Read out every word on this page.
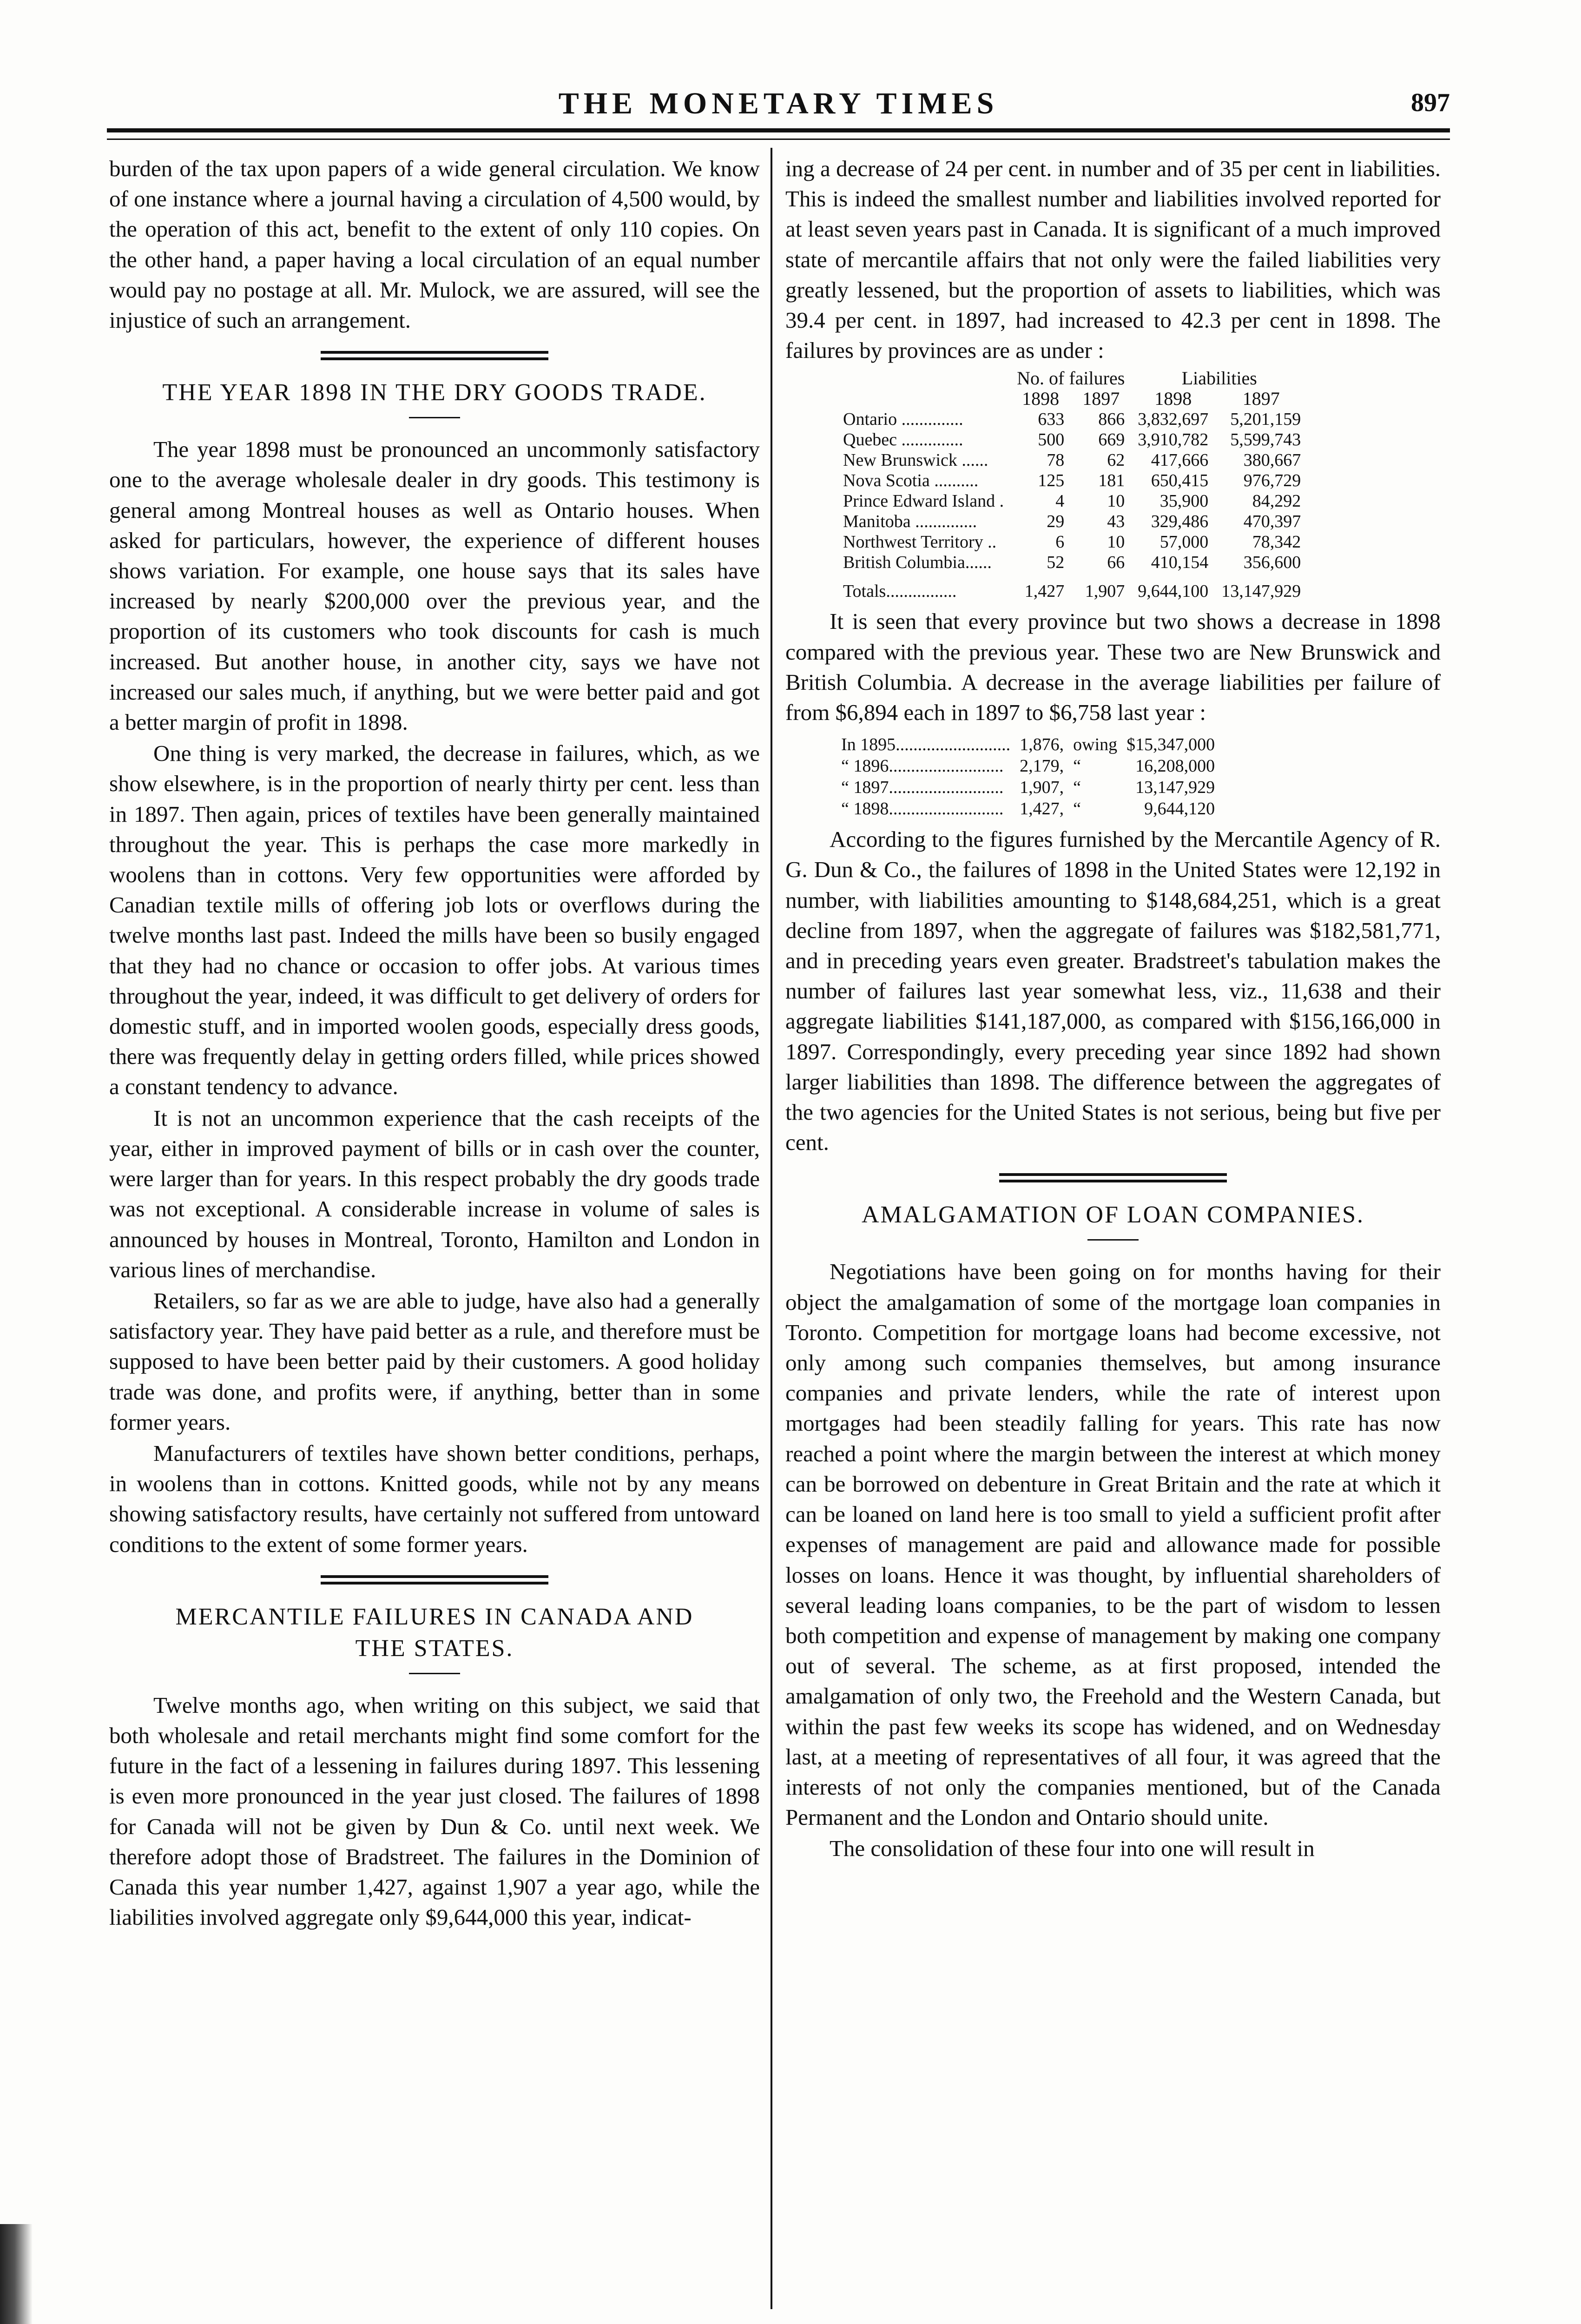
THE MONETARY TIMES	897

burden of the tax upon papers of a wide general circulation. We know of one instance where a journal having a circulation of 4,500 would, by the operation of this act, benefit to the extent of only 110 copies. On the other hand, a paper having a local circulation of an equal number would pay no postage at all. Mr. Mulock, we are assured, will see the injustice of such an arrangement.

THE YEAR 1898 IN THE DRY GOODS TRADE.

The year 1898 must be pronounced an uncommonly satisfactory one to the average wholesale dealer in dry goods. This testimony is general among Montreal houses as well as Ontario houses. When asked for particulars, however, the experience of different houses shows variation. For example, one house says that its sales have increased by nearly $200,000 over the previous year, and the proportion of its customers who took discounts for cash is much increased. But another house, in another city, says we have not increased our sales much, if anything, but we were better paid and got a better margin of profit in 1898.

One thing is very marked, the decrease in failures, which, as we show elsewhere, is in the proportion of nearly thirty per cent. less than in 1897. Then again, prices of textiles have been generally maintained throughout the year. This is perhaps the case more markedly in woolens than in cottons. Very few opportunities were afforded by Canadian textile mills of offering job lots or overflows during the twelve months last past. Indeed the mills have been so busily engaged that they had no chance or occasion to offer jobs. At various times throughout the year, indeed, it was difficult to get delivery of orders for domestic stuff, and in imported woolen goods, especially dress goods, there was frequently delay in getting orders filled, while prices showed a constant tendency to advance.

It is not an uncommon experience that the cash receipts of the year, either in improved payment of bills or in cash over the counter, were larger than for years. In this respect probably the dry goods trade was not exceptional. A considerable increase in volume of sales is announced by houses in Montreal, Toronto, Hamilton and London in various lines of merchandise.

Retailers, so far as we are able to judge, have also had a generally satisfactory year. They have paid better as a rule, and therefore must be supposed to have been better paid by their customers. A good holiday trade was done, and profits were, if anything, better than in some former years.

Manufacturers of textiles have shown better conditions, perhaps, in woolens than in cottons. Knitted goods, while not by any means showing satisfactory results, have certainly not suffered from untoward conditions to the extent of some former years.

MERCANTILE FAILURES IN CANADA AND
THE STATES.

Twelve months ago, when writing on this subject, we said that both wholesale and retail merchants might find some comfort for the future in the fact of a lessening in failures during 1897. This lessening is even more pronounced in the year just closed. The failures of 1898 for Canada will not be given by Dun & Co. until next week. We therefore adopt those of Bradstreet. The failures in the Dominion of Canada this year number 1,427, against 1,907 a year ago, while the liabilities involved aggregate only $9,644,000 this year, indicat-

ing a decrease of 24 per cent. in number and of 35 per cent in liabilities. This is indeed the smallest number and liabilities involved reported for at least seven years past in Canada. It is significant of a much improved state of mercantile affairs that not only were the failed liabilities very greatly lessened, but the proportion of assets to liabilities, which was 39.4 per cent. in 1897, had increased to 42.3 per cent in 1898. The failures by provinces are as under :

	No. of failures		Liabilities	
	1898	1897	1898	1897
Ontario ..............	633	866	3,832,697	5,201,159
Quebec ..............	500	669	3,910,782	5,599,743
New Brunswick ......	78	62	417,666	380,667
Nova Scotia ..........	125	181	650,415	976,729
Prince Edward Island .	4	10	35,900	84,292
Manitoba ..............	29	43	329,486	470,397
Northwest Territory ..	6	10	57,000	78,342
British Columbia......	52	66	410,154	356,600
Totals................	1,427	1,907	9,644,100	13,147,929

It is seen that every province but two shows a decrease in 1898 compared with the previous year. These two are New Brunswick and British Columbia. A decrease in the average liabilities per failure of from $6,894 each in 1897 to $6,758 last year :

In 1895..........................	1,876,	owing	$15,347,000
“ 1896..........................	2,179,	“	16,208,000
“ 1897..........................	1,907,	“	13,147,929
“ 1898..........................	1,427,	“	9,644,120

According to the figures furnished by the Mercantile Agency of R. G. Dun & Co., the failures of 1898 in the United States were 12,192 in number, with liabilities amounting to $148,684,251, which is a great decline from 1897, when the aggregate of failures was $182,581,771, and in preceding years even greater. Bradstreet's tabulation makes the number of failures last year somewhat less, viz., 11,638 and their aggregate liabilities $141,187,000, as compared with $156,166,000 in 1897. Correspondingly, every preceding year since 1892 had shown larger liabilities than 1898. The difference between the aggregates of the two agencies for the United States is not serious, being but five per cent.

AMALGAMATION OF LOAN COMPANIES.

Negotiations have been going on for months having for their object the amalgamation of some of the mortgage loan companies in Toronto. Competition for mortgage loans had become excessive, not only among such companies themselves, but among insurance companies and private lenders, while the rate of interest upon mortgages had been steadily falling for years. This rate has now reached a point where the margin between the interest at which money can be borrowed on debenture in Great Britain and the rate at which it can be loaned on land here is too small to yield a sufficient profit after expenses of management are paid and allowance made for possible losses on loans. Hence it was thought, by influential shareholders of several leading loans companies, to be the part of wisdom to lessen both competition and expense of management by making one company out of several. The scheme, as at first proposed, intended the amalgamation of only two, the Freehold and the Western Canada, but within the past few weeks its scope has widened, and on Wednesday last, at a meeting of representatives of all four, it was agreed that the interests of not only the companies mentioned, but of the Canada Permanent and the London and Ontario should unite.

The consolidation of these four into one will result in
